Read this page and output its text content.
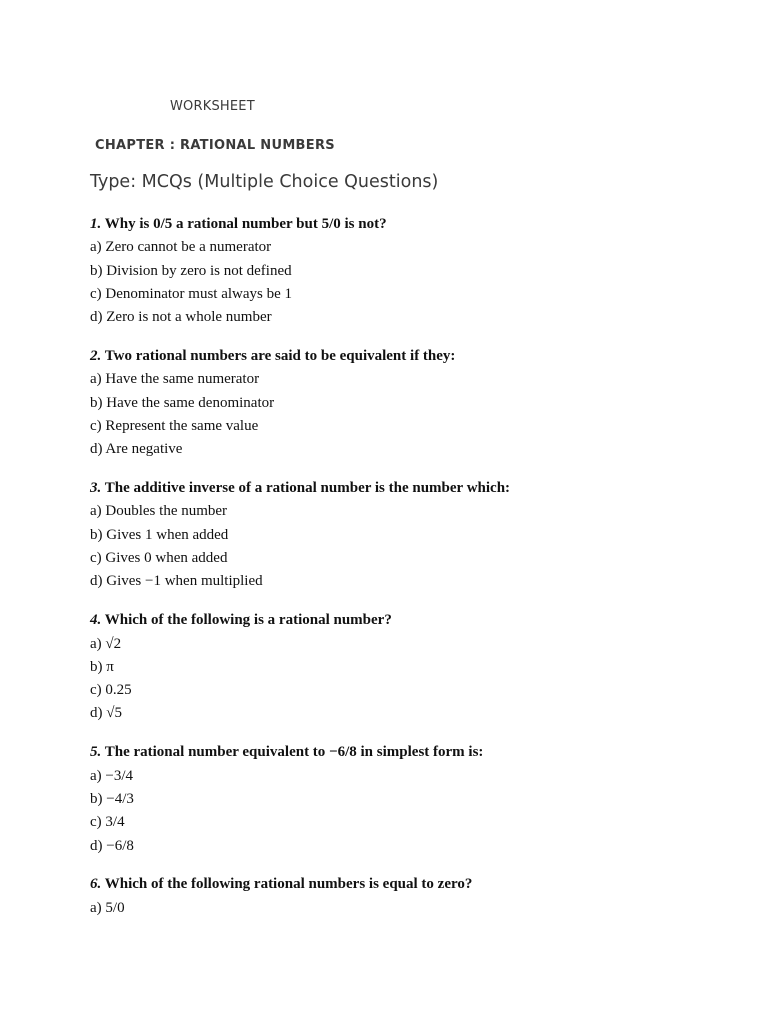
WORKSHEET
CHAPTER : RATIONAL NUMBERS
Type: MCQs (Multiple Choice Questions)
1. Why is 0/5 a rational number but 5/0 is not?
a) Zero cannot be a numerator
b) Division by zero is not defined
c) Denominator must always be 1
d) Zero is not a whole number
2. Two rational numbers are said to be equivalent if they:
a) Have the same numerator
b) Have the same denominator
c) Represent the same value
d) Are negative
3. The additive inverse of a rational number is the number which:
a) Doubles the number
b) Gives 1 when added
c) Gives 0 when added
d) Gives −1 when multiplied
4. Which of the following is a rational number?
a) √2
b) π
c) 0.25
d) √5
5. The rational number equivalent to −6/8 in simplest form is:
a) −3/4
b) −4/3
c) 3/4
d) −6/8
6. Which of the following rational numbers is equal to zero?
a) 5/0
